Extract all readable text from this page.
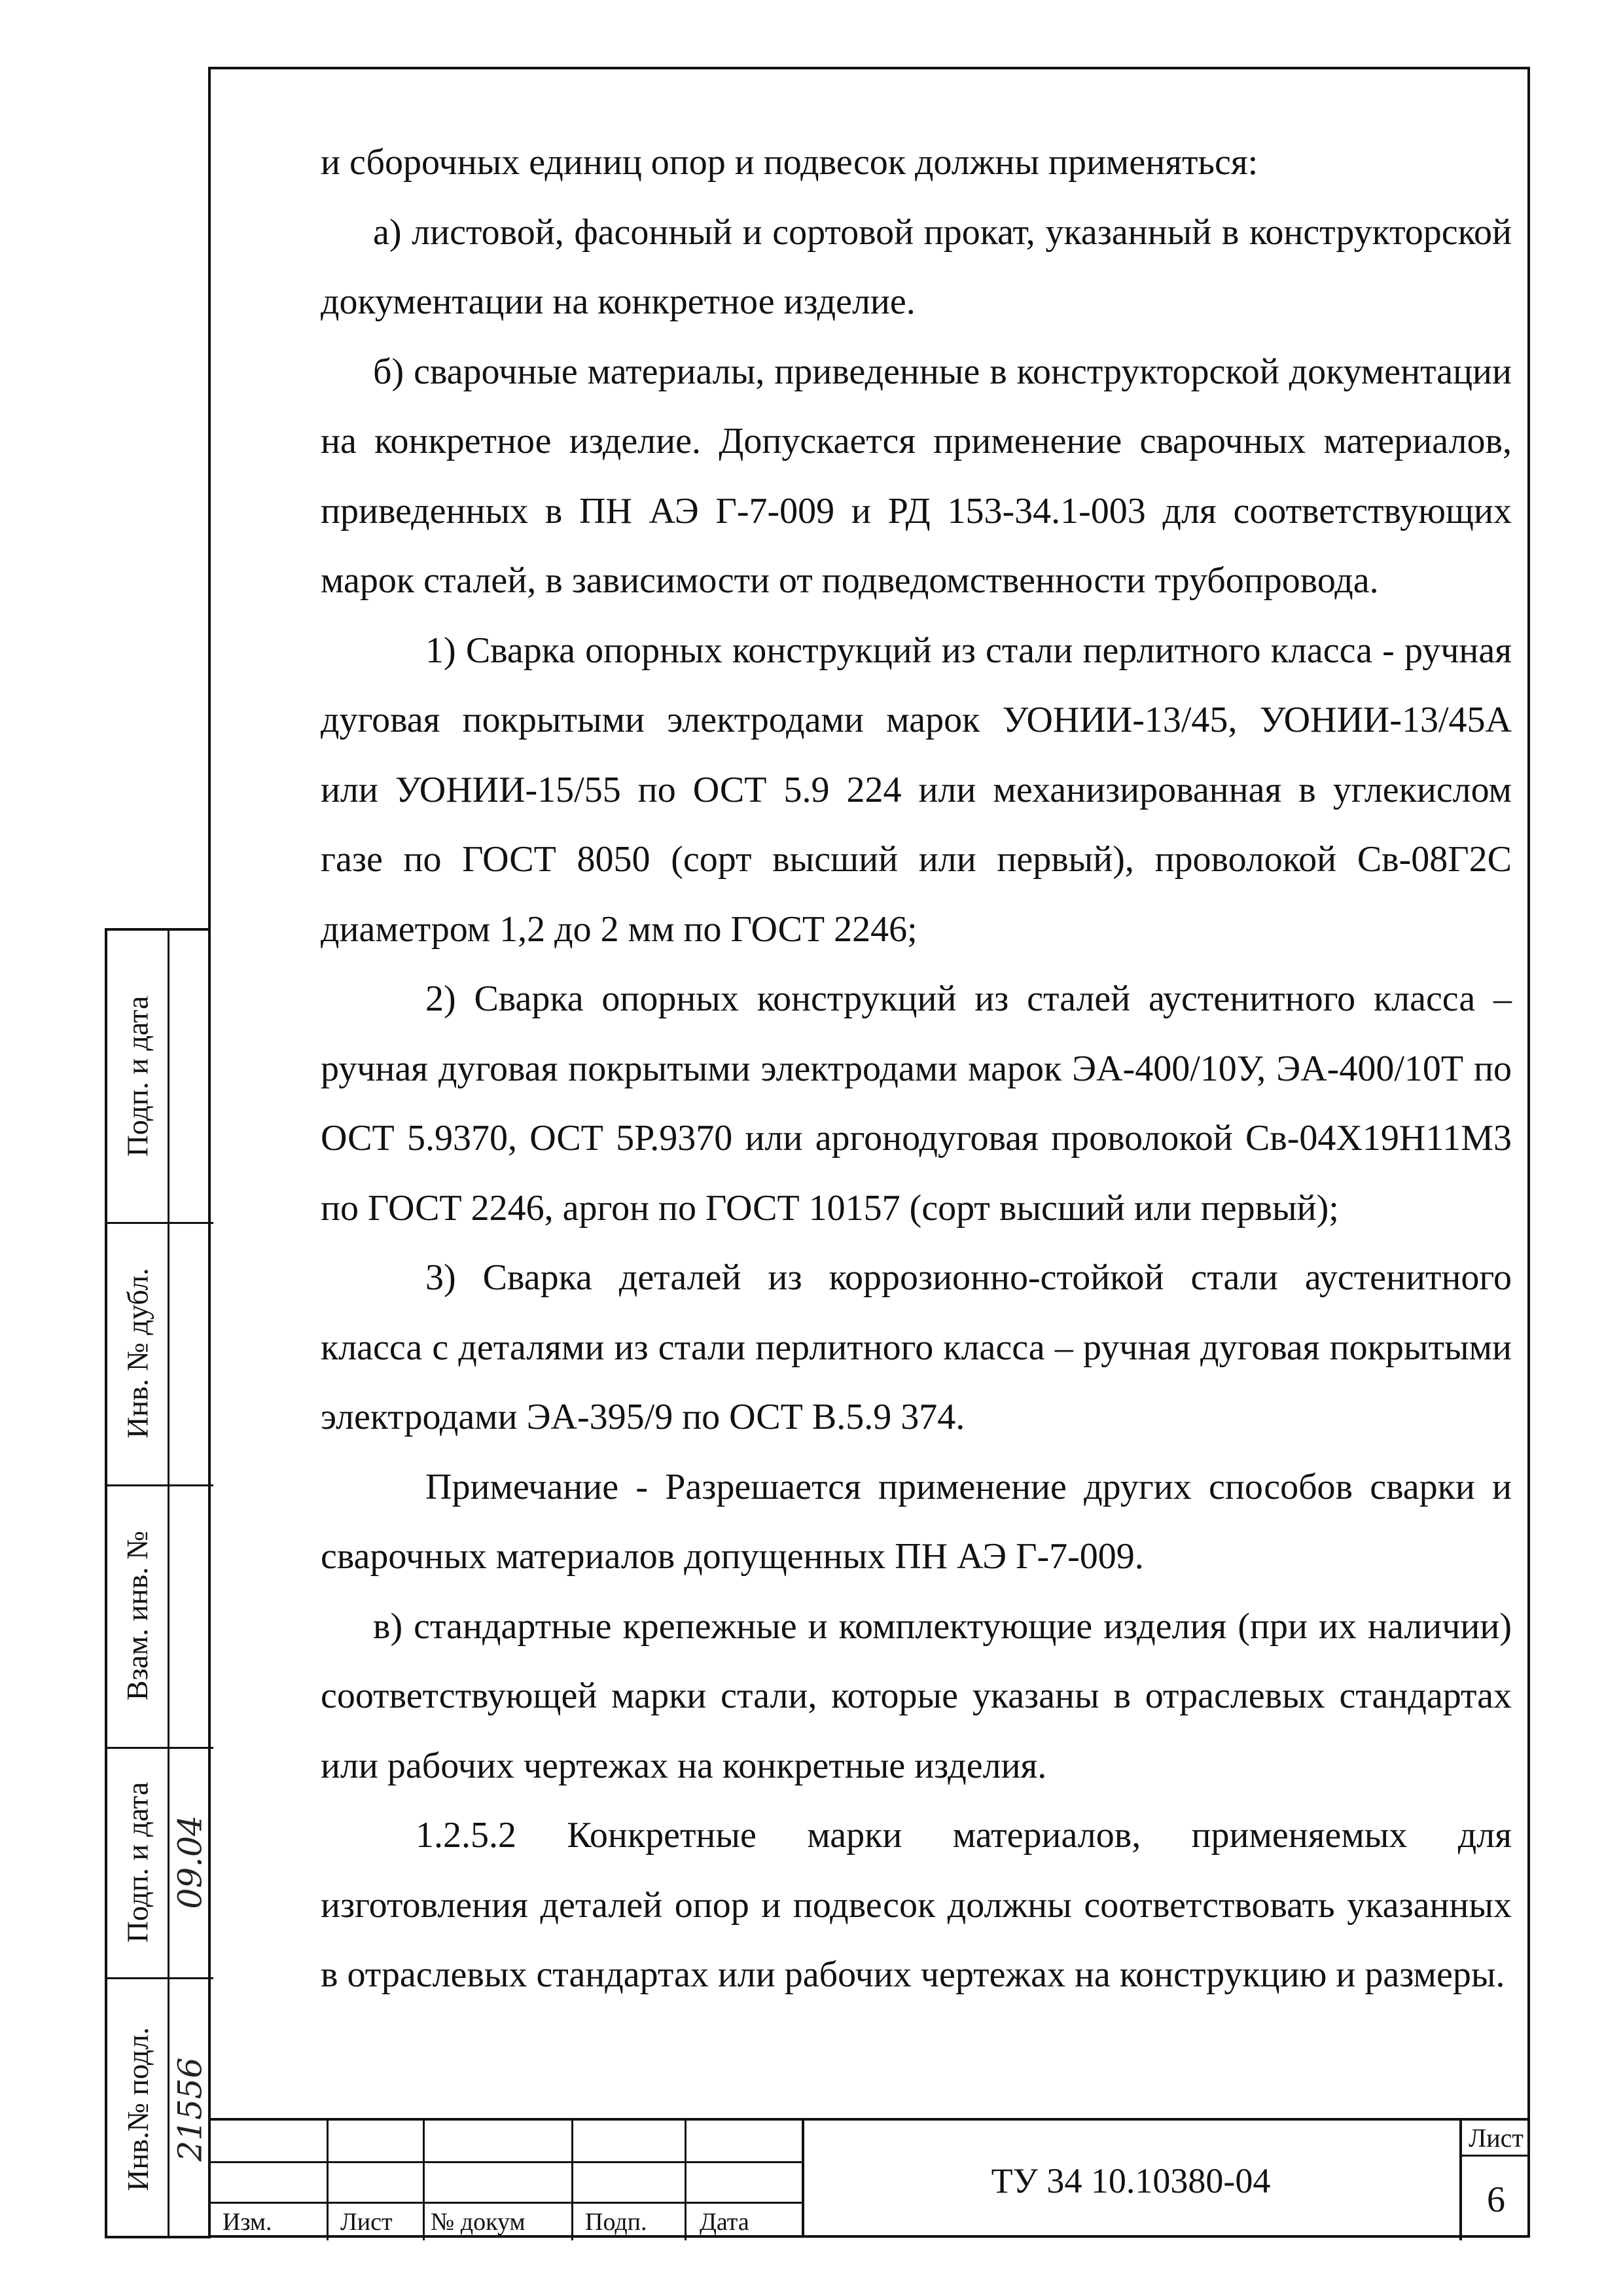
и сборочных единиц опор и подвесок должны применяться:

а) листовой, фасонный и сортовой прокат, указанный в конструкторской документации на конкретное изделие.

б) сварочные материалы, приведенные в конструкторской документации на конкретное изделие. Допускается применение сварочных материалов, приведенных в ПН АЭ Г-7-009 и РД 153-34.1-003 для соответствующих марок сталей, в зависимости от подведомственности трубопровода.

1) Сварка опорных конструкций из стали перлитного класса - ручная дуговая покрытыми электродами марок УОНИИ-13/45, УОНИИ-13/45А или УОНИИ-15/55 по ОСТ 5.9 224 или механизированная в углекислом газе по ГОСТ 8050 (сорт высший или первый), проволокой Св-08Г2С диаметром 1,2 до 2 мм по ГОСТ 2246;

2) Сварка опорных конструкций из сталей аустенитного класса – ручная дуговая покрытыми электродами марок ЭА-400/10У, ЭА-400/10Т по ОСТ 5.9370, ОСТ 5Р.9370 или аргонодуговая проволокой Св-04Х19Н11М3 по ГОСТ 2246, аргон по ГОСТ 10157 (сорт высший или первый);

3) Сварка деталей из коррозионно-стойкой стали аустенитного класса с деталями из стали перлитного класса – ручная дуговая покрытыми электродами ЭА-395/9 по ОСТ В.5.9 374.

Примечание - Разрешается применение других способов сварки и сварочных материалов допущенных ПН АЭ Г-7-009.

в) стандартные крепежные и комплектующие изделия (при их наличии) соответствующей марки стали, которые указаны в отраслевых стандартах или рабочих чертежах на конкретные изделия.

1.2.5.2 Конкретные марки материалов, применяемых для изготовления деталей опор и подвесок должны соответствовать указанных в отраслевых стандартах или рабочих чертежах на конструкцию и размеры.

Подп. и дата
Инв. № дубл.
Взам. инв. №
Подп. и дата
Инв.№ подл.
09.04
21556
Изм.	Лист № докум Подп. Дата
ТУ 34 10.10380-04
Лист
6
